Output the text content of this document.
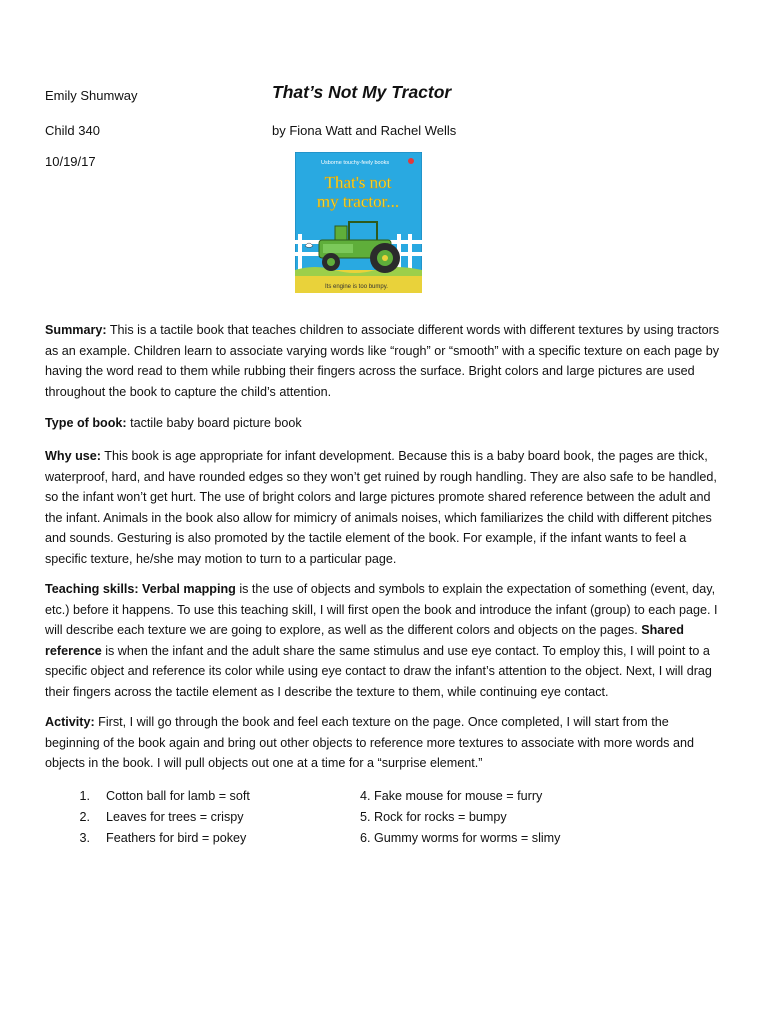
Emily Shumway	That’s Not My Tractor
Child 340	by Fiona Watt and Rachel Wells
10/19/17	Usborne touchy-feely books
That's not
my tractor...
Its engine is too bumpy.
Summary: This is a tactile book that teaches children to associate different words with different textures by using tractors as an example. Children learn to associate varying words like “rough” or “smooth” with a specific texture on each page by having the word read to them while rubbing their fingers across the surface. Bright colors and large pictures are used throughout the book to capture the child’s attention.
Type of book: tactile baby board picture book
Why use: This book is age appropriate for infant development. Because this is a baby board book, the pages are thick, waterproof, hard, and have rounded edges so they won’t get ruined by rough handling. They are also safe to be handled, so the infant won’t get hurt. The use of bright colors and large pictures promote shared reference between the adult and the infant. Animals in the book also allow for mimicry of animals noises, which familiarizes the child with different pitches and sounds. Gesturing is also promoted by the tactile element of the book. For example, if the infant wants to feel a specific texture, he/she may motion to turn to a particular page.
Teaching skills: Verbal mapping is the use of objects and symbols to explain the expectation of something (event, day, etc.) before it happens. To use this teaching skill, I will first open the book and introduce the infant (group) to each page. I will describe each texture we are going to explore, as well as the different colors and objects on the pages. Shared reference is when the infant and the adult share the same stimulus and use eye contact. To employ this, I will point to a specific object and reference its color while using eye contact to draw the infant’s attention to the object. Next, I will drag their fingers across the tactile element as I describe the texture to them, while continuing eye contact.
Activity: First, I will go through the book and feel each texture on the page. Once completed, I will start from the beginning of the book again and bring out other objects to reference more textures to associate with more words and objects in the book. I will pull objects out one at a time for a “surprise element.”
1. Cotton ball for lamb = soft
2. Leaves for trees = crispy
3. Feathers for bird = pokey
4. Fake mouse for mouse = furry
5. Rock for rocks = bumpy
6. Gummy worms for worms = slimy
